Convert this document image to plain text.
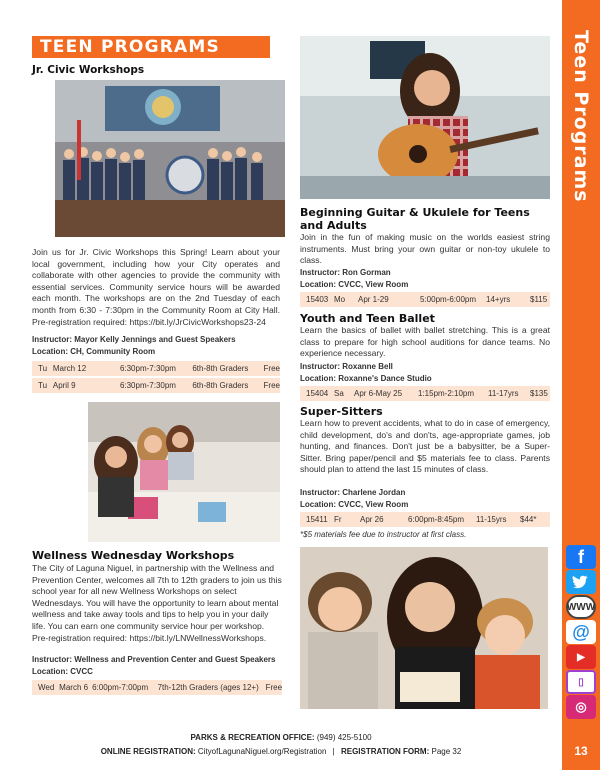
Teen Programs
13
f
WWW
@
▶
▯
◎
TEEN PROGRAMS
Jr. Civic Workshops
Join us for Jr. Civic Workshops this Spring! Learn about your local government, including how your City operates and collaborate with other agencies to provide the community with essential services. Community service hours will be awarded each month. The workshops are on the 2nd Tuesday of each month from 6:30 - 7:30pm in the Community Room at City Hall. Pre-registration required: https://bit.ly/JrCivicWorkshops23-24
Instructor: Mayor Kelly Jennings and Guest Speakers
Location: CH, Community Room
Tu March 12	6:30pm-7:30pm	6th-8th Graders	Free
Tu April 9	6:30pm-7:30pm	6th-8th Graders	Free
Wellness Wednesday Workshops
The City of Laguna Niguel, in partnership with the Wellness and Prevention Center, welcomes all 7th to 12th graders to join us this school year for all new Wellness Workshops on select Wednesdays. You will have the opportunity to learn about mental wellness and take away tools and tips to help you in your daily life. You can earn one community service hour per workshop. Pre-registration required: https://bit.ly/LNWellnessWorkshops.
Instructor: Wellness and Prevention Center and Guest Speakers
Location: CVCC
Wed March 6 6:00pm-7:00pm	7th-12th Graders (ages 12+) Free
Beginning Guitar & Ukulele for Teens and Adults
Join in the fun of making music on the worlds easiest string instruments. Must bring your own guitar or non-toy ukulele to class.
Instructor: Ron Gorman
Location: CVCC, View Room
15403 Mo	Apr 1-29	5:00pm-6:00pm	14+yrs	$115
Youth and Teen Ballet
Learn the basics of ballet with ballet stretching. This is a great class to prepare for high school auditions for dance teams. No experience necessary.
Instructor: Roxanne Bell
Location: Roxanne's Dance Studio
15404 Sa	Apr 6-May 25	1:15pm-2:10pm	11-17yrs	$135
Super-Sitters
Learn how to prevent accidents, what to do in case of emergency, child development, do's and don'ts, age-appropriate games, job hunting, and finances. Don't just be a babysitter, be a Super-Sitter. Bring paper/pencil and $5 materials fee to class. Parents should plan to attend the last 15 minutes of class.
Instructor: Charlene Jordan
Location: CVCC, View Room
15411 Fr	Apr 26	6:00pm-8:45pm	11-15yrs	$44*
*$5 materials fee due to instructor at first class.
PARKS & RECREATION OFFICE: (949) 425-5100
ONLINE REGISTRATION: CityofLagunaNiguel.org/Registration | REGISTRATION FORM: Page 32
